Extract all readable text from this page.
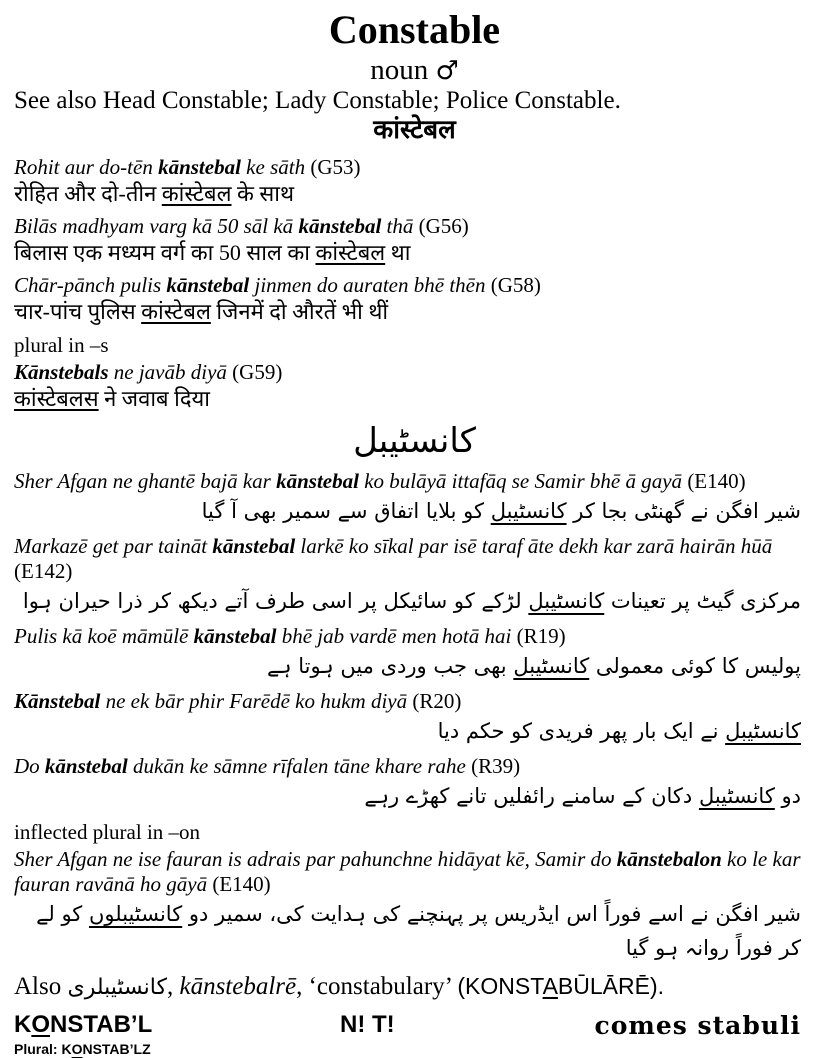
Constable
noun ♂
See also Head Constable; Lady Constable; Police Constable.
कांस्टेबल
Rohit aur do-tēn kānstebal ke sāth (G53)
रोहित और दो-तीन कांस्टेबल के साथ
Bilās madhyam varg kā 50 sāl kā kānstebal thā (G56)
बिलास एक मध्यम वर्ग का 50 साल का कांस्टेबल था
Chār-pānch pulis kānstebal jinmen do auraten bhē thēn (G58)
चार-पांच पुलिस कांस्टेबल जिनमें दो औरतें भी थीं
plural in –s
Kānstebals ne javāb diyā (G59)
कांस्टेबलस ने जवाब दिया
کانسٹیبل
Sher Afgan ne ghantē bajā kar kānstebal ko bulāyā ittafāq se Samir bhē ā gayā (E140)
شیر افگن نے گھنٹی بجا کر کانسٹیبل کو بلایا اتفاق سے سمیر بھی آ گیا
Markazē get par taināt kānstebal larkē ko sīkal par isē taraf āte dekh kar zarā hairān hūā
(E142)
مرکزی گیٹ پر تعینات کانسٹیبل لڑکے کو سائیکل پر اسی طرف آتے دیکھ کر ذرا حیران ہوا
Pulis kā koē māmūlē kānstebal bhē jab vardē men hotā hai (R19)
پولیس کا کوئی معمولی کانسٹیبل بھی جب وردی میں ہوتا ہے
Kānstebal ne ek bār phir Farēdē ko hukm diyā (R20)
کانسٹیبل نے ایک بار پھر فریدی کو حکم دیا
Do kānstebal dukān ke sāmne rīfalen tāne khare rahe (R39)
دو کانسٹیبل دکان کے سامنے رائفلیں تانے کھڑے رہے
inflected plural in –on
Sher Afgan ne ise fauran is adrais par pahunchne hidāyat kē, Samir do kānstebalon ko le kar fauran ravānā ho gāyā (E140)
شیر افگن نے اسے فوراً اس ایڈریس پر پہنچنے کی ہدایت کی، سمیر دو کانسٹیبلوں کو لے کر فوراً روانہ ہو گیا
Also کانسٹیبلری, kānstebalrē, ‘constabulary’ (KONSTABŪLĀRĒ).
KONSTAB’L	N! T!	comes stabuli
Plural: KONSTAB’LZ
